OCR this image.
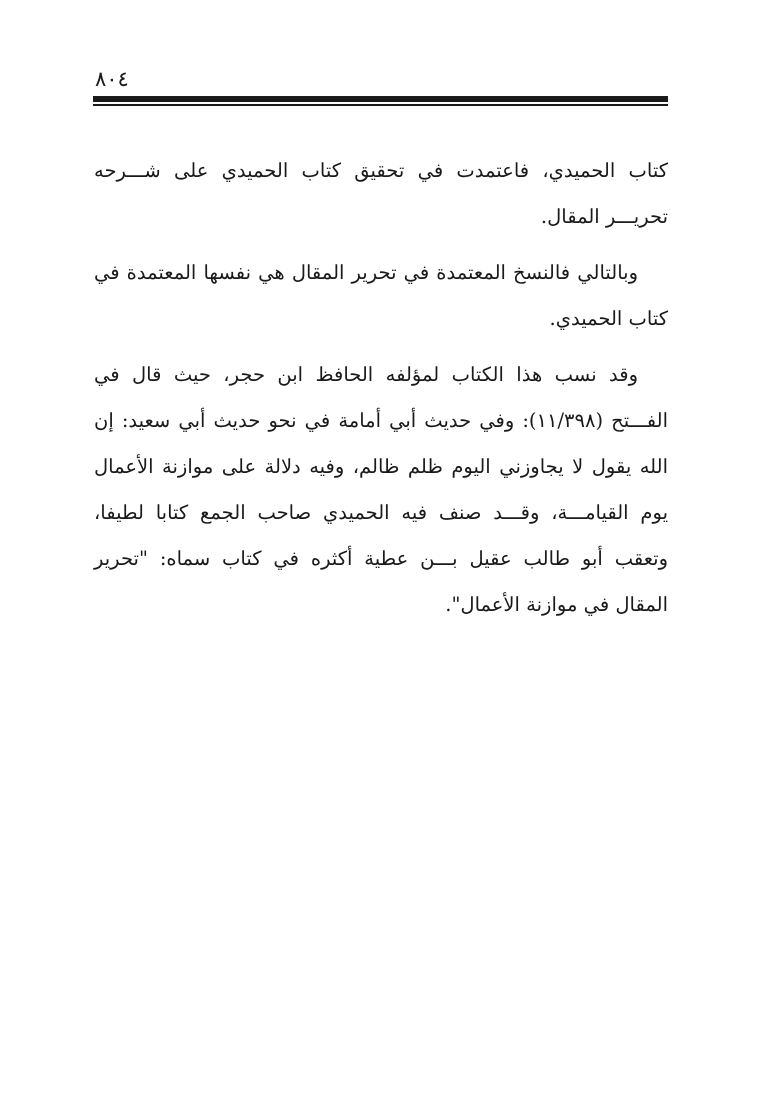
٨٠٤

كتاب الحميدي، فاعتمدت في تحقيق كتاب الحميدي على شـــرحه تحريـــر المقال.

وبالتالي فالنسخ المعتمدة في تحرير المقال هي نفسها المعتمدة في كتاب الحميدي.

وقد نسب هذا الكتاب لمؤلفه الحافظ ابن حجر، حيث قال في الفـــتح (١١/٣٩٨): وفي حديث أبي أمامة في نحو حديث أبي سعيد: إن الله يقول لا يجاوزني اليوم ظلم ظالم، وفيه دلالة على موازنة الأعمال يوم القيامـــة، وقـــد صنف فيه الحميدي صاحب الجمع كتابا لطيفا، وتعقب أبو طالب عقيل بـــن عطية أكثره في كتاب سماه: "تحرير المقال في موازنة الأعمال".
